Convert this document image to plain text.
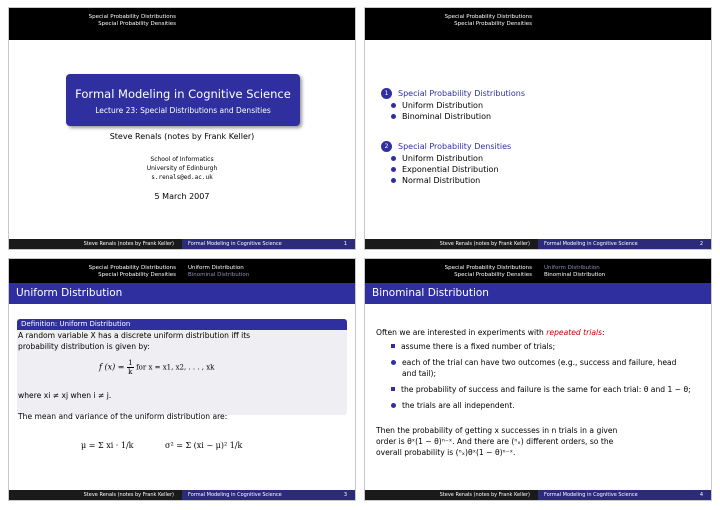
Special Probability Distributions
Special Probability Densities
Formal Modeling in Cognitive Science
Lecture 23: Special Distributions and Densities
Steve Renals (notes by Frank Keller)
School of Informatics
University of Edinburgh
s.renals@ed.ac.uk
5 March 2007
Steve Renals (notes by Frank Keller)	Formal Modeling in Cognitive Science	1
Special Probability Distributions
Special Probability Densities
1	Special Probability Distributions
Uniform Distribution
Binominal Distribution
2	Special Probability Densities
Uniform Distribution
Exponential Distribution
Normal Distribution
Steve Renals (notes by Frank Keller)	Formal Modeling in Cognitive Science	2
Special Probability Distributions
Special Probability Densities
Uniform Distribution
Binominal Distribution
Uniform Distribution
Definition: Uniform Distribution
A random variable X has a discrete uniform distribution iff its
probability distribution is given by:
f $(x) = \frac{1}{k}$ for x = x1, x2, . . . , xk
where xi ≠ xj when i ≠ j.
The mean and variance of the uniform distribution are:
μ = Σ xi · 1/k	σ² = Σ (xi − μ)² 1/k
Steve Renals (notes by Frank Keller)	Formal Modeling in Cognitive Science	3
Special Probability Distributions
Special Probability Densities
Uniform Distribution
Binominal Distribution
Binominal Distribution
Often we are interested in experiments with repeated trials:
assume there is a fixed number of trials;
each of the trial can have two outcomes (e.g., success and failure, head and tail);
the probability of success and failure is the same for each trial: θ and 1 − θ;
the trials are all independent.
Then the probability of getting x successes in n trials in a given
order is θˣ(1 − θ)ⁿ⁻ˣ. And there are (ⁿₓ) different orders, so the
overall probability is (ⁿₓ)θˣ(1 − θ)ⁿ⁻ˣ.
Steve Renals (notes by Frank Keller)	Formal Modeling in Cognitive Science	4
